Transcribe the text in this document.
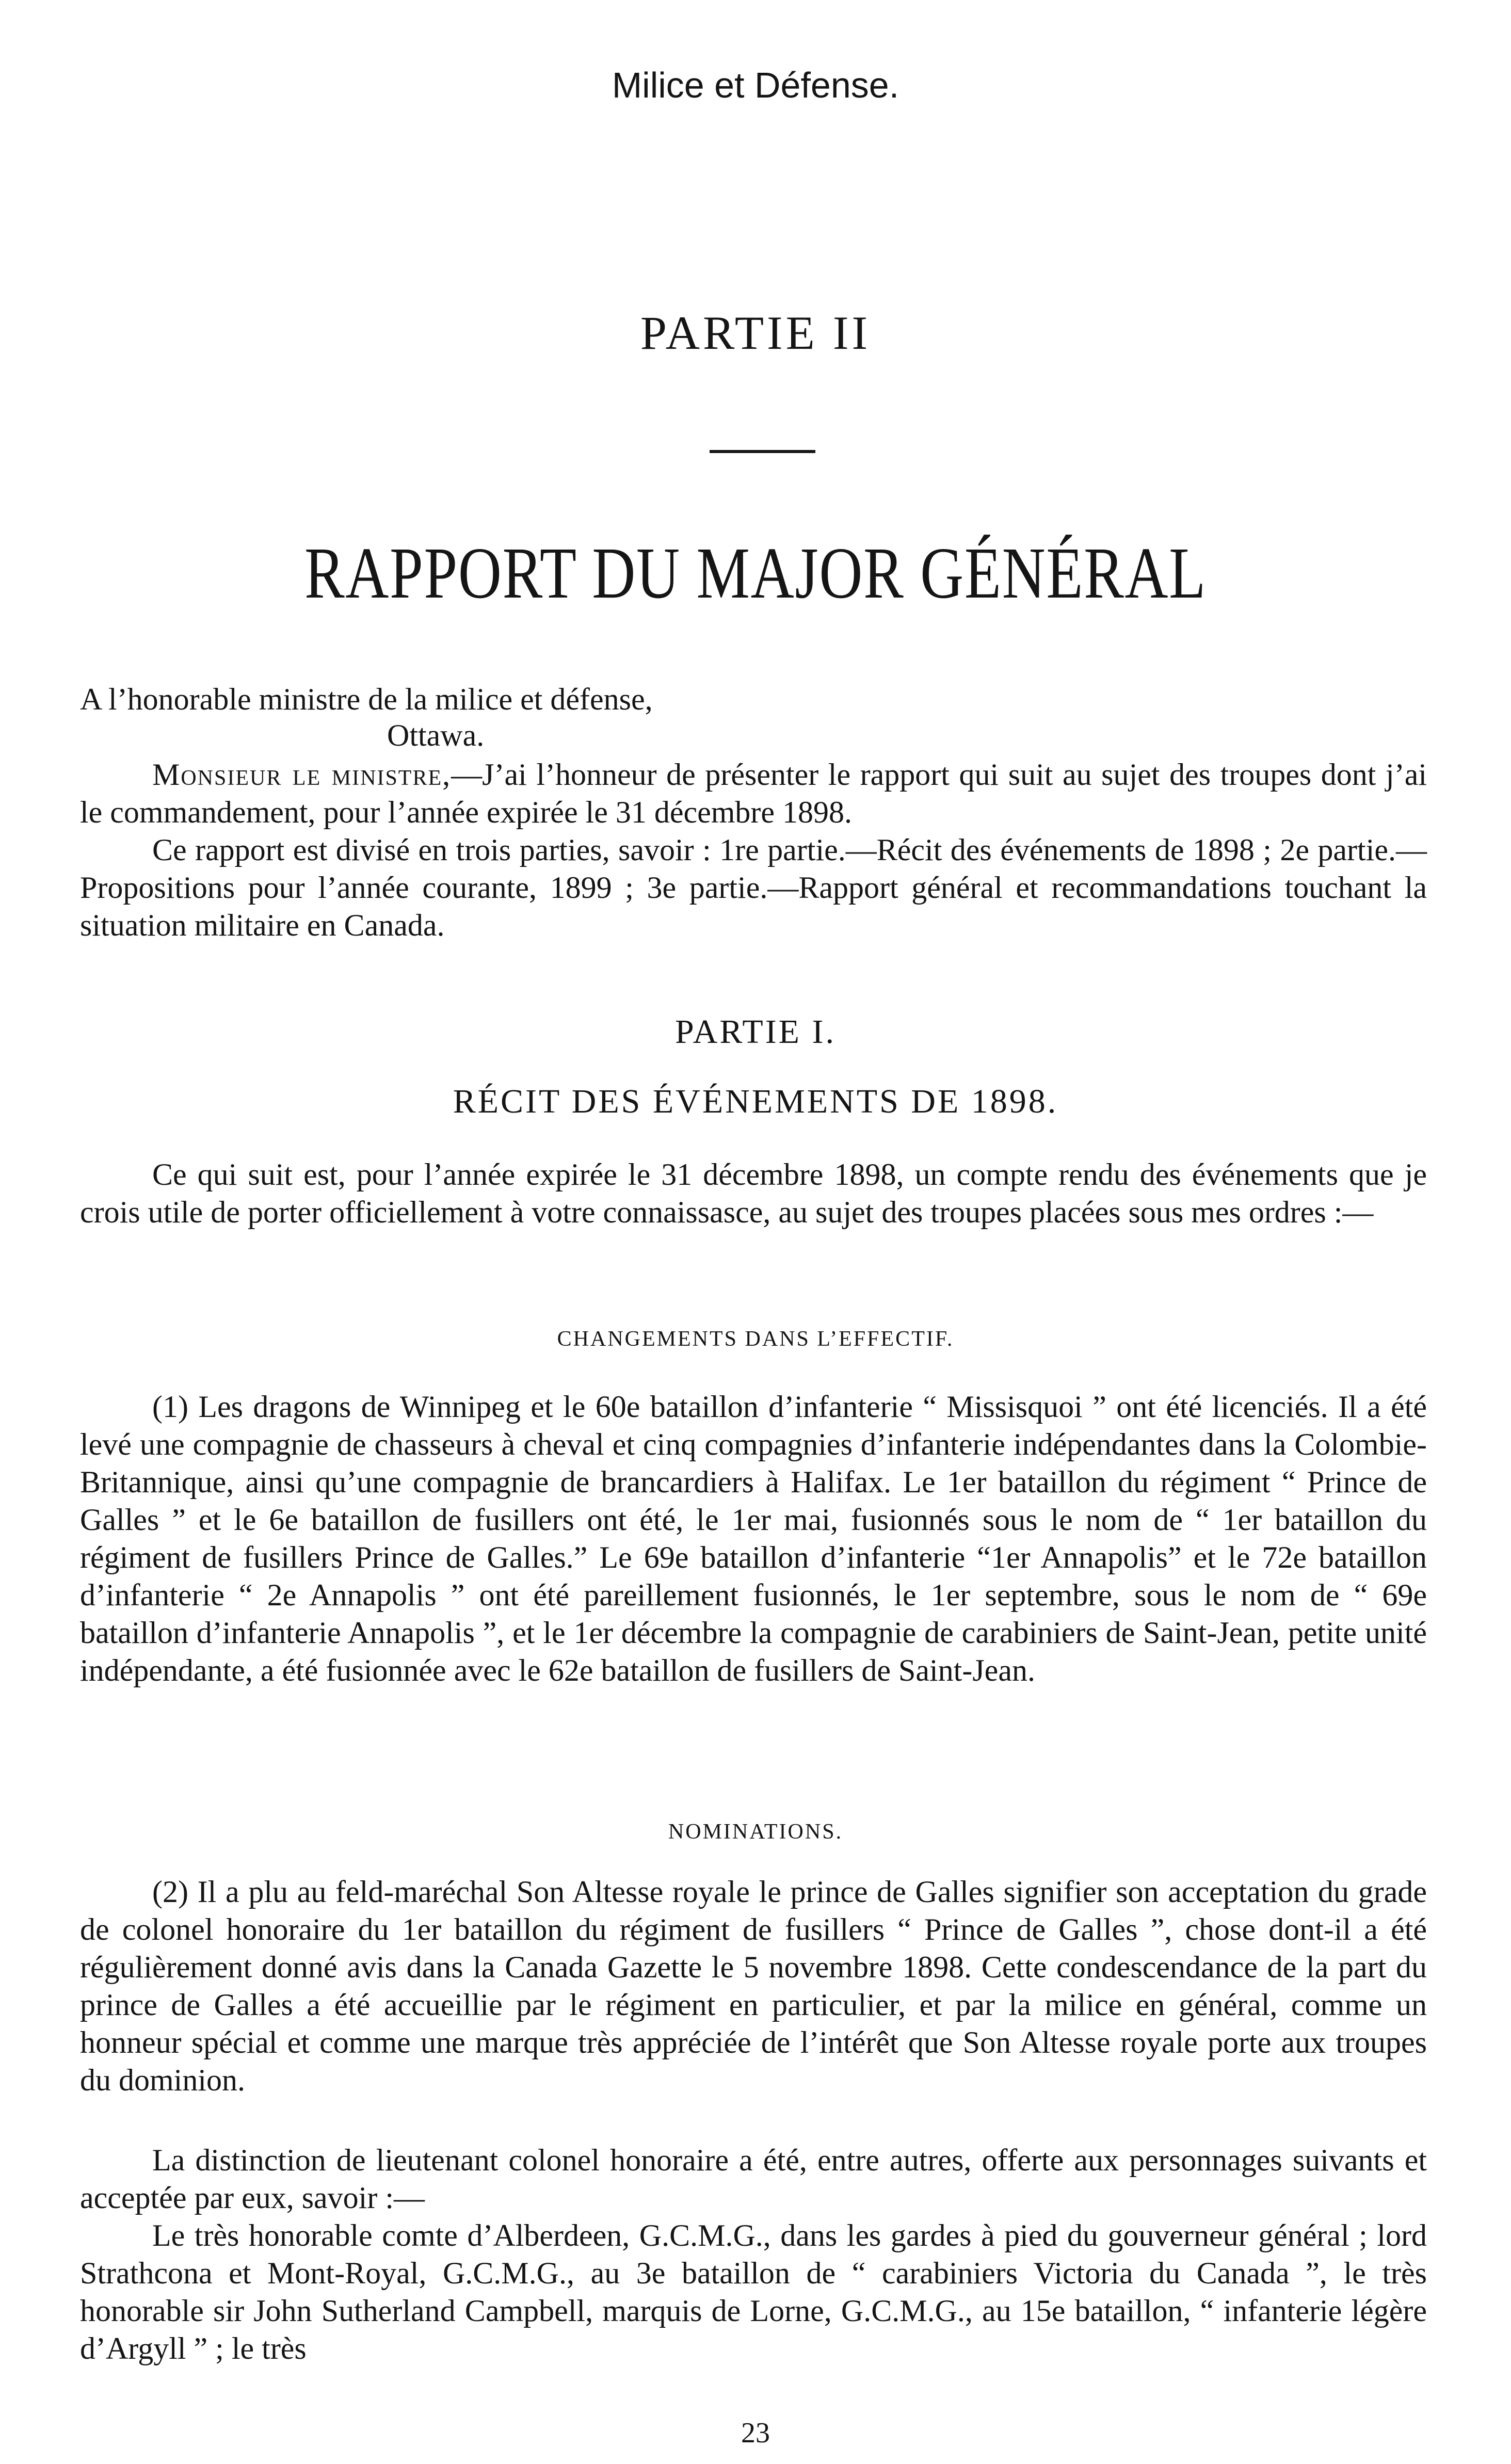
Milice et Défense.
PARTIE II
RAPPORT DU MAJOR GÉNÉRAL
A l’honorable ministre de la milice et défense,
Ottawa.
Monsieur le ministre,—J’ai l’honneur de présenter le rapport qui suit au sujet des troupes dont j’ai le commandement, pour l’année expirée le 31 décembre 1898.
Ce rapport est divisé en trois parties, savoir : 1re partie.—Récit des événements de 1898 ; 2e partie.—Propositions pour l’année courante, 1899 ; 3e partie.—Rapport général et recommandations touchant la situation militaire en Canada.
PARTIE I.
RÉCIT DES ÉVÉNEMENTS DE 1898.
Ce qui suit est, pour l’année expirée le 31 décembre 1898, un compte rendu des événements que je crois utile de porter officiellement à votre connaissasce, au sujet des troupes placées sous mes ordres :—
CHANGEMENTS DANS L’EFFECTIF.
(1) Les dragons de Winnipeg et le 60e bataillon d’infanterie “ Missisquoi ” ont été licenciés. Il a été levé une compagnie de chasseurs à cheval et cinq compagnies d’infanterie indépendantes dans la Colombie-Britannique, ainsi qu’une compagnie de brancardiers à Halifax. Le 1er bataillon du régiment “ Prince de Galles ” et le 6e bataillon de fusillers ont été, le 1er mai, fusionnés sous le nom de “ 1er bataillon du régiment de fusillers Prince de Galles.” Le 69e bataillon d’infanterie “1er Annapolis” et le 72e bataillon d’infanterie “ 2e Annapolis ” ont été pareillement fusionnés, le 1er septembre, sous le nom de “ 69e bataillon d’infanterie Annapolis ”, et le 1er décembre la compagnie de carabiniers de Saint-Jean, petite unité indépendante, a été fusionnée avec le 62e bataillon de fusillers de Saint-Jean.
NOMINATIONS.
(2) Il a plu au feld-maréchal Son Altesse royale le prince de Galles signifier son acceptation du grade de colonel honoraire du 1er bataillon du régiment de fusillers “ Prince de Galles ”, chose dont-il a été régulièrement donné avis dans la Canada Gazette le 5 novembre 1898. Cette condescendance de la part du prince de Galles a été accueillie par le régiment en particulier, et par la milice en général, comme un honneur spécial et comme une marque très appréciée de l’intérêt que Son Altesse royale porte aux troupes du dominion.
La distinction de lieutenant colonel honoraire a été, entre autres, offerte aux personnages suivants et acceptée par eux, savoir :—
Le très honorable comte d’Alberdeen, G.C.M.G., dans les gardes à pied du gouverneur général ; lord Strathcona et Mont-Royal, G.C.M.G., au 3e bataillon de “ carabiniers Victoria du Canada ”, le très honorable sir John Sutherland Campbell, marquis de Lorne, G.C.M.G., au 15e bataillon, “ infanterie légère d’Argyll ” ; le très
23
